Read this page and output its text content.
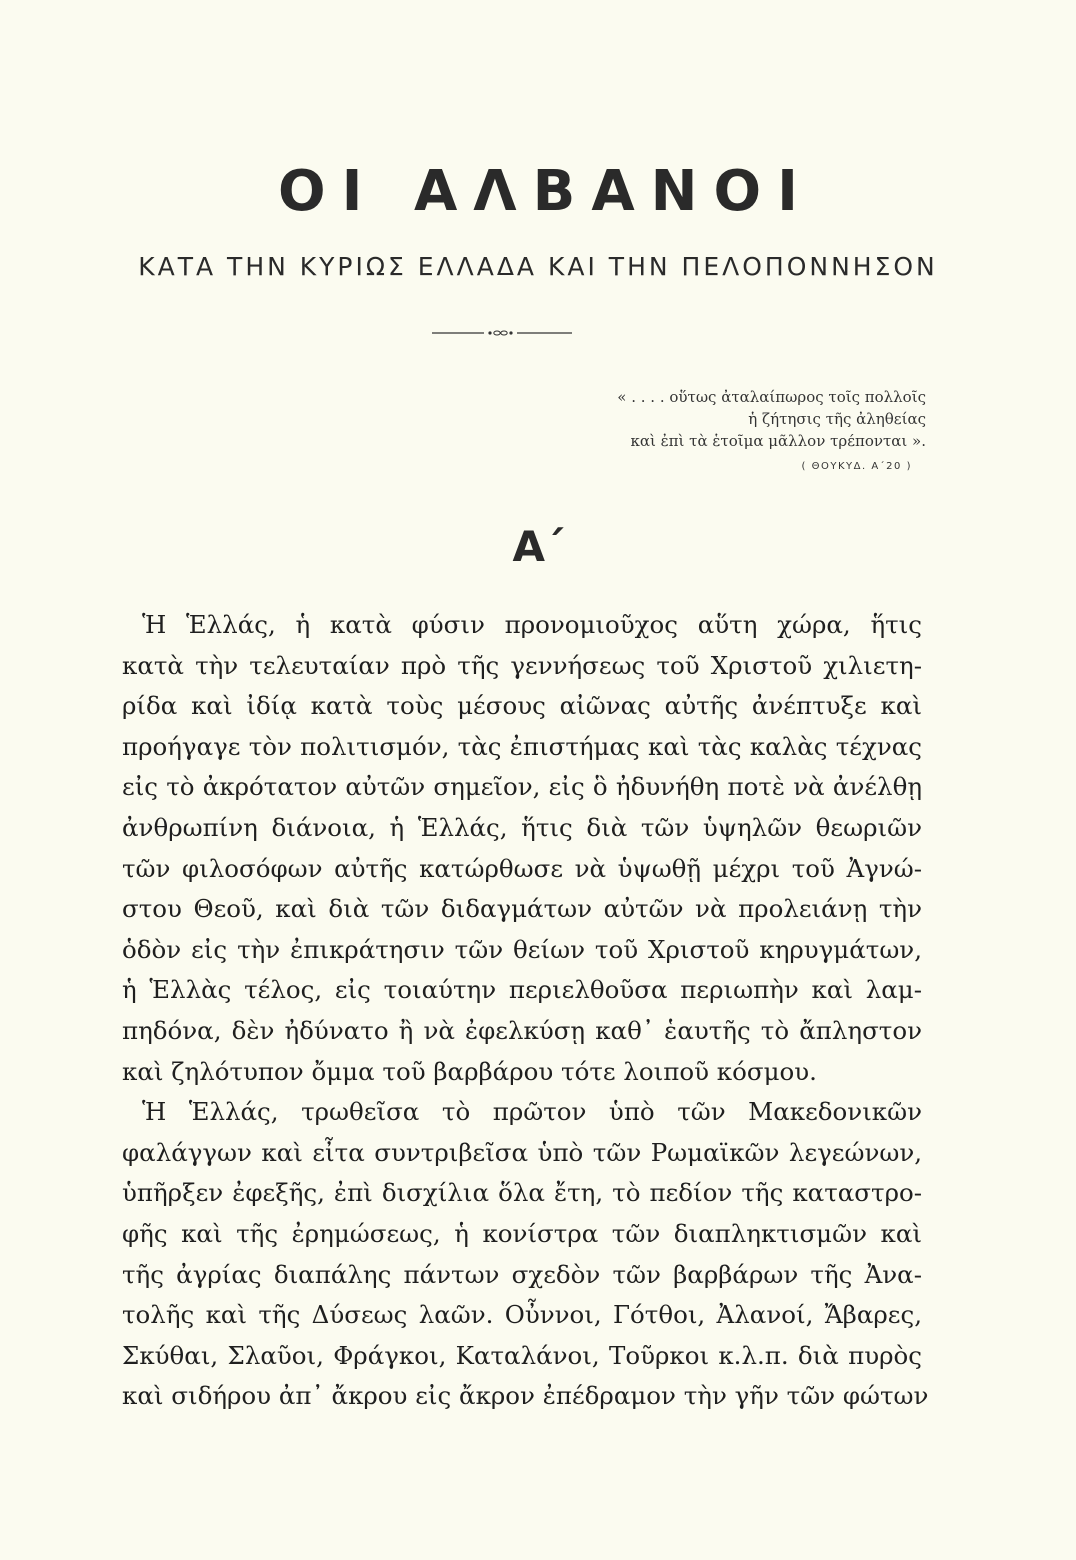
ΟΙ ΑΛΒΑΝΟΙ
ΚΑΤΑ ΤΗΝ ΚΥΡΙΩΣ ΕΛΛΑΔΑ ΚΑΙ ΤΗΝ ΠΕΛΟΠΟΝΝΗΣΟΝ
« . . . . οὕτως ἀταλαίπωρος τοῖς πολλοῖς
ἡ ζήτησις τῆς ἀληθείας
καὶ ἐπὶ τὰ ἑτοῖμα μᾶλλον τρέπονται ».
( ΘΟΥΚΥΔ. Α΄20 )
Α΄
Ἡ Ἑλλάς, ἡ κατὰ φύσιν προνομιοῦχος αὕτη χώρα, ἥτις
κατὰ τὴν τελευταίαν πρὸ τῆς γεννήσεως τοῦ Χριστοῦ χιλιετη-
ρίδα καὶ ἰδίᾳ κατὰ τοὺς μέσους αἰῶνας αὐτῆς ἀνέπτυξε καὶ
προήγαγε τὸν πολιτισμόν, τὰς ἐπιστήμας καὶ τὰς καλὰς τέχνας
εἰς τὸ ἀκρότατον αὐτῶν σημεῖον, εἰς ὃ ἠδυνήθη ποτὲ νὰ ἀνέλθῃ
ἀνθρωπίνη διάνοια, ἡ Ἑλλάς, ἥτις διὰ τῶν ὑψηλῶν θεωριῶν
τῶν φιλοσόφων αὐτῆς κατώρθωσε νὰ ὑψωθῇ μέχρι τοῦ Ἀγνώ-
στου Θεοῦ, καὶ διὰ τῶν διδαγμάτων αὐτῶν νὰ προλειάνῃ τὴν
ὁδὸν εἰς τὴν ἐπικράτησιν τῶν θείων τοῦ Χριστοῦ κηρυγμάτων,
ἡ Ἑλλὰς τέλος, εἰς τοιαύτην περιελθοῦσα περιωπὴν καὶ λαμ-
πηδόνα, δὲν ἠδύνατο ἢ νὰ ἐφελκύσῃ καθ᾽ ἑαυτῆς τὸ ἄπληστον
καὶ ζηλότυπον ὄμμα τοῦ βαρβάρου τότε λοιποῦ κόσμου.
Ἡ Ἑλλάς, τρωθεῖσα τὸ πρῶτον ὑπὸ τῶν Μακεδονικῶν
φαλάγγων καὶ εἶτα συντριβεῖσα ὑπὸ τῶν Ρωμαϊκῶν λεγεώνων,
ὑπῆρξεν ἐφεξῆς, ἐπὶ δισχίλια ὅλα ἔτη, τὸ πεδίον τῆς καταστρο-
φῆς καὶ τῆς ἐρημώσεως, ἡ κονίστρα τῶν διαπληκτισμῶν καὶ
τῆς ἀγρίας διαπάλης πάντων σχεδὸν τῶν βαρβάρων τῆς Ἀνα-
τολῆς καὶ τῆς Δύσεως λαῶν. Οὖννοι, Γότθοι, Ἀλανοί, Ἄβαρες,
Σκύθαι, Σλαῦοι, Φράγκοι, Καταλάνοι, Τοῦρκοι κ.λ.π. διὰ πυρὸς
καὶ σιδήρου ἀπ᾽ ἄκρου εἰς ἄκρον ἐπέδραμον τὴν γῆν τῶν φώτων
